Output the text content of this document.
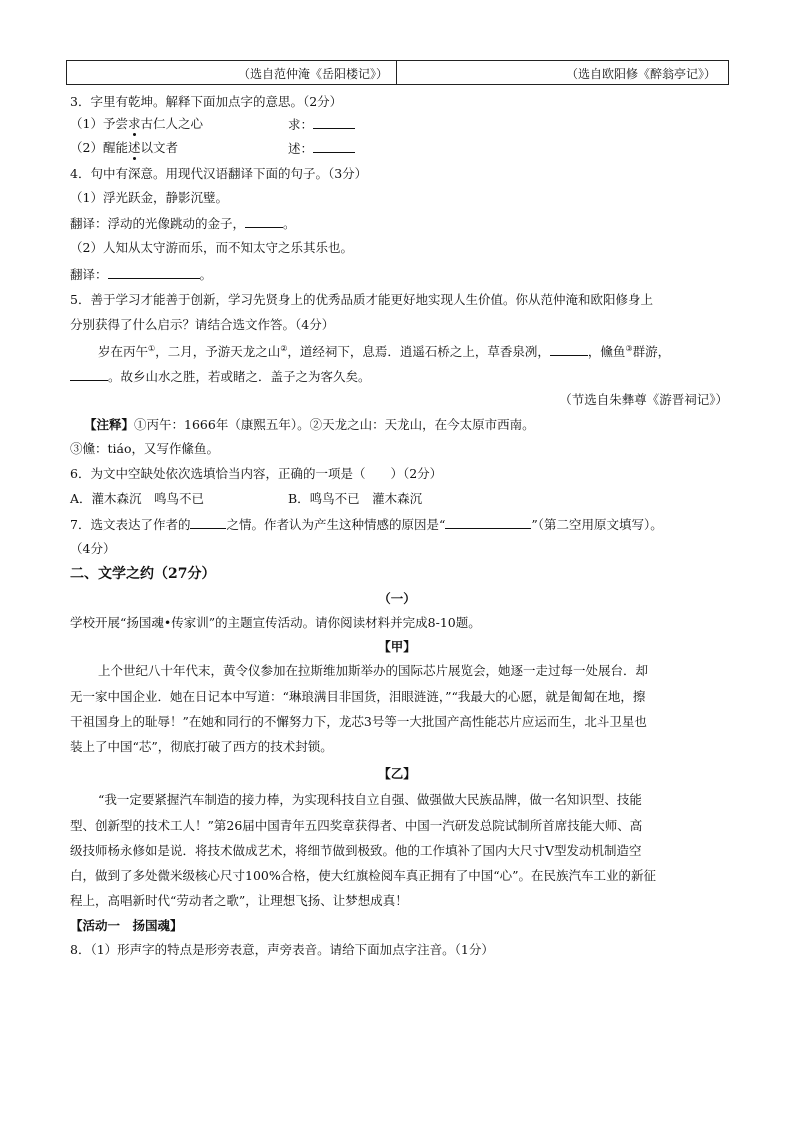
（选自范仲淹《岳阳楼记》）	（选自欧阳修《醉翁亭记》）
3．字里有乾坤。解释下面加点字的意思。（2分）
（1）予尝求古仁人之心	求：
（2）醒能述以文者	述：
4．句中有深意。用现代汉语翻译下面的句子。（3分）
（1）浮光跃金，静影沉璧。
翻译：浮动的光像跳动的金子，	。
（2）人知从太守游而乐，而不知太守之乐其乐也。
翻译：	。
5．善于学习才能善于创新，学习先贤身上的优秀品质才能更好地实现人生价值。你从范仲淹和欧阳修身上
分别获得了什么启示？请结合选文作答。（4分）
岁在丙午①，二月，予游天龙之山②，道经祠下，息焉．逍遥石桥之上，草香泉冽，	，儵鱼③群游，
。故乡山水之胜，若或睹之．盖子之为客久矣。
（节选自朱彝尊《游晋祠记》）
【注释】①丙午：1666年（康熙五年）。②天龙之山：天龙山，在今太原市西南。
③儵：tiáo，又写作絛鱼。
6．为文中空缺处依次选填恰当内容，正确的一项是（　　）（2分）
A．灌木森沉　鸣鸟不已	B．鸣鸟不已　灌木森沉
7．选文表达了作者的	之情。作者认为产生这种情感的原因是“	”（第二空用原文填写）。
（4分）
二、文学之约（27分）
（一）
学校开展“扬国魂•传家训”的主题宣传活动。请你阅读材料并完成8-10题。
【甲】
上个世纪八十年代末，黄令仪参加在拉斯维加斯举办的国际芯片展览会，她逐一走过每一处展台．却
无一家中国企业．她在日记本中写道：“琳琅满目非国货，泪眼涟涟，”“我最大的心愿，就是匍匐在地，擦
干祖国身上的耻辱！”在她和同行的不懈努力下，龙芯3号等一大批国产高性能芯片应运而生，北斗卫星也
装上了中国“芯”，彻底打破了西方的技术封锁。
【乙】
“我一定要紧握汽车制造的接力棒，为实现科技自立自强、做强做大民族品牌，做一名知识型、技能
型、创新型的技术工人！”第26届中国青年五四奖章获得者、中国一汽研发总院试制所首席技能大师、高
级技师杨永修如是说．将技术做成艺术，将细节做到极致。他的工作填补了国内大尺寸V型发动机制造空
白，做到了多处微米级核心尺寸100%合格，使大红旗检阅车真正拥有了中国“心”。在民族汽车工业的新征
程上，高唱新时代“劳动者之歌”，让理想飞扬、让梦想成真！
【活动一　扬国魂】
8．（1）形声字的特点是形旁表意，声旁表音。请给下面加点字注音。（1分）
